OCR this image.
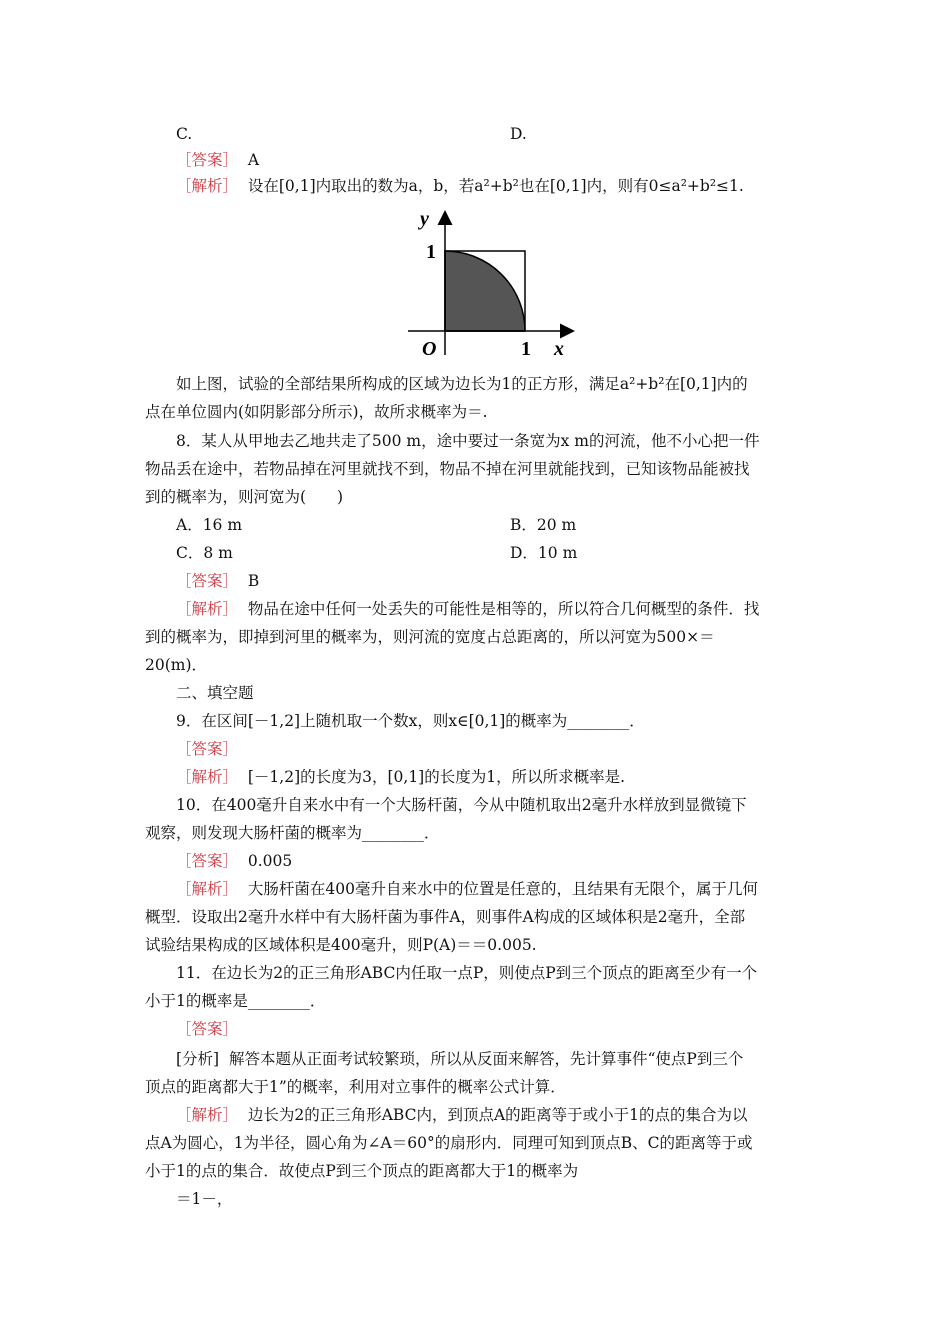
C.	D.
［答案］ A
［解析］ 设在[0,1]内取出的数为a，b，若a²+b²也在[0,1]内，则有0≤a²+b²≤1.
y
1
O	1 x
如上图，试验的全部结果所构成的区域为边长为1的正方形，满足a²+b²在[0,1]内的
点在单位圆内(如阴影部分所示)，故所求概率为＝.
8．某人从甲地去乙地共走了500 m，途中要过一条宽为x m的河流，他不小心把一件
物品丢在途中，若物品掉在河里就找不到，物品不掉在河里就能找到，已知该物品能被找
到的概率为，则河宽为(　　)
A．16 m	B．20 m
C．8 m	D．10 m
［答案］ B
［解析］ 物品在途中任何一处丢失的可能性是相等的，所以符合几何概型的条件．找
到的概率为，即掉到河里的概率为，则河流的宽度占总距离的，所以河宽为500×＝
20(m)．
二、填空题
9．在区间[－1,2]上随机取一个数x，则x∈[0,1]的概率为________．
［答案］
［解析］ [－1,2]的长度为3，[0,1]的长度为1，所以所求概率是.
10．在400毫升自来水中有一个大肠杆菌，今从中随机取出2毫升水样放到显微镜下
观察，则发现大肠杆菌的概率为________．
［答案］ 0.005
［解析］ 大肠杆菌在400毫升自来水中的位置是任意的，且结果有无限个，属于几何
概型．设取出2毫升水样中有大肠杆菌为事件A，则事件A构成的区域体积是2毫升，全部
试验结果构成的区域体积是400毫升，则P(A)＝＝0.005.
11．在边长为2的正三角形ABC内任取一点P，则使点P到三个顶点的距离至少有一个
小于1的概率是________．
［答案］
[分析] 解答本题从正面考试较繁琐，所以从反面来解答，先计算事件“使点P到三个
顶点的距离都大于1”的概率，利用对立事件的概率公式计算．
［解析］ 边长为2的正三角形ABC内，到顶点A的距离等于或小于1的点的集合为以
点A为圆心，1为半径，圆心角为∠A＝60°的扇形内．同理可知到顶点B、C的距离等于或
小于1的点的集合．故使点P到三个顶点的距离都大于1的概率为
＝1－，
